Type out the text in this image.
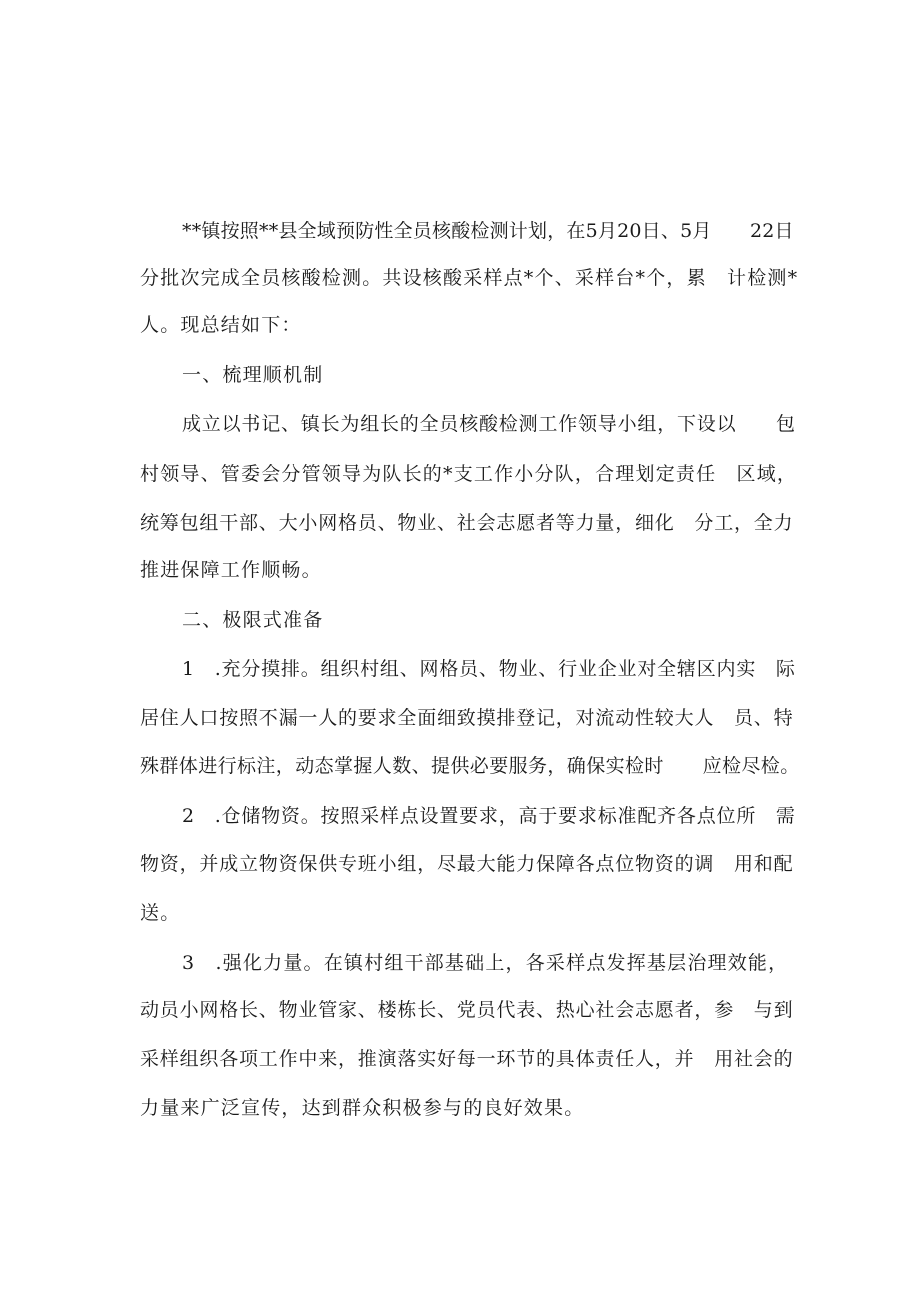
**镇按照**县全域预防性全员核酸检测计划，在5月20日、5月　　22日
分批次完成全员核酸检测。共设核酸采样点*个、采样台*个，累　计检测*
人。现总结如下：
一、梳理顺机制
成立以书记、镇长为组长的全员核酸检测工作领导小组，下设以　　包
村领导、管委会分管领导为队长的*支工作小分队，合理划定责任　区域，
统筹包组干部、大小网格员、物业、社会志愿者等力量，细化　分工，全力
推进保障工作顺畅。
二、极限式准备
1　.充分摸排。组织村组、网格员、物业、行业企业对全辖区内实　际
居住人口按照不漏一人的要求全面细致摸排登记，对流动性较大人　员、特
殊群体进行标注，动态掌握人数、提供必要服务，确保实检时　　应检尽检。
2　.仓储物资。按照采样点设置要求，高于要求标准配齐各点位所　需
物资，并成立物资保供专班小组，尽最大能力保障各点位物资的调　用和配
送。
3　.强化力量。在镇村组干部基础上，各采样点发挥基层治理效能，
动员小网格长、物业管家、楼栋长、党员代表、热心社会志愿者，参　与到
采样组织各项工作中来，推演落实好每一环节的具体责任人，并　用社会的
力量来广泛宣传，达到群众积极参与的良好效果。
